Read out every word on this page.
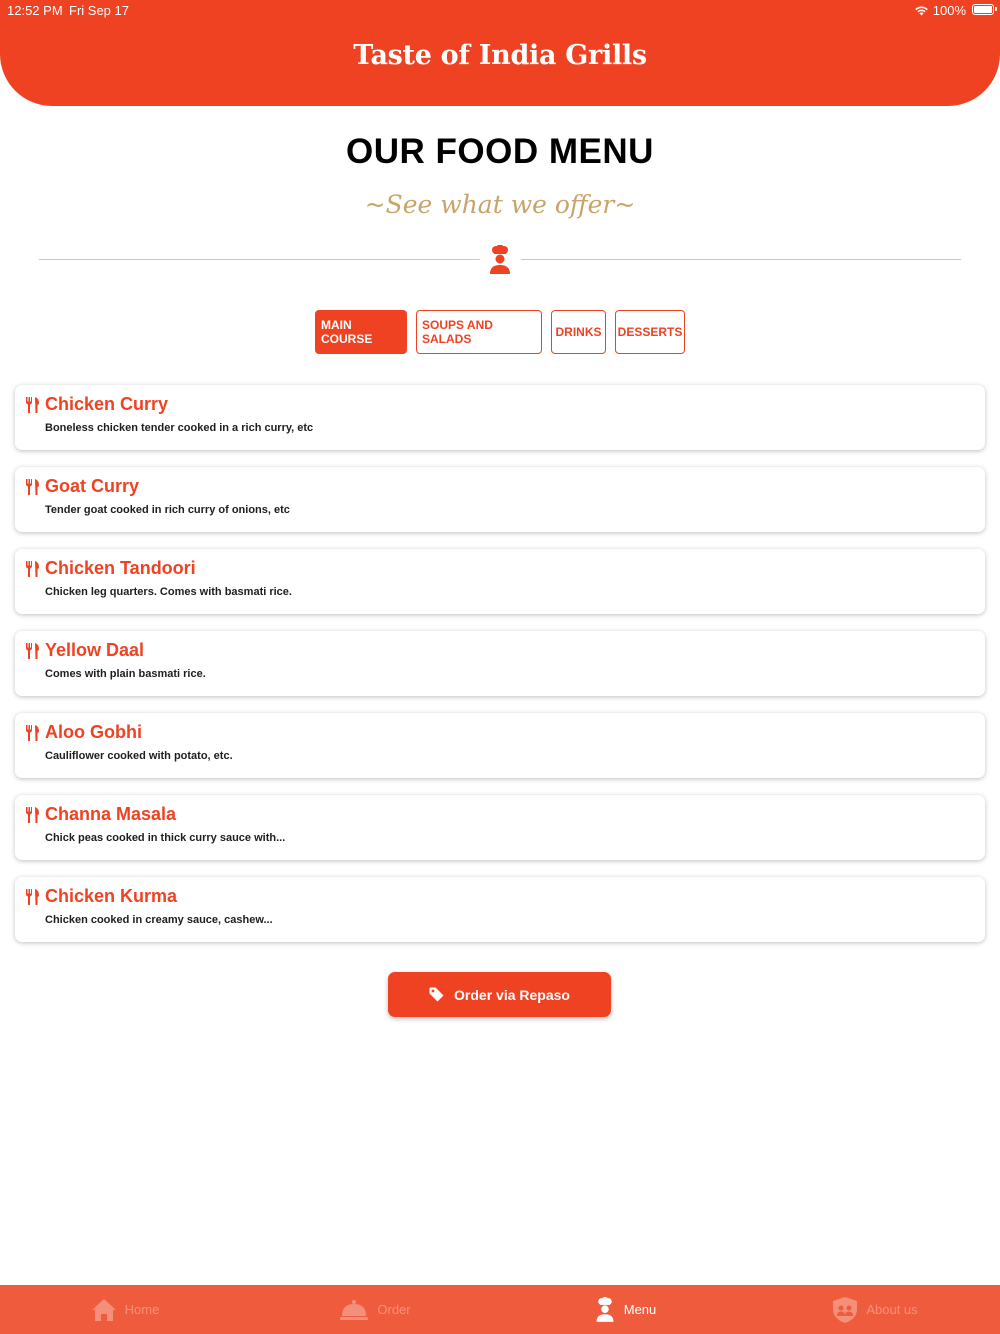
12:52 PM Fri Sep 17	100%
Taste of India Grills
OUR FOOD MENU
~See what we offer~
MAIN COURSE
SOUPS AND SALADS	DRINKS	DESSERTS
Chicken Curry
Boneless chicken tender cooked in a rich curry, etc
Goat Curry
Tender goat cooked in rich curry of onions, etc
Chicken Tandoori
Chicken leg quarters. Comes with basmati rice.
Yellow Daal
Comes with plain basmati rice.
Aloo Gobhi
Cauliflower cooked with potato, etc.
Channa Masala
Chick peas cooked in thick curry sauce with...
Chicken Kurma
Chicken cooked in creamy sauce, cashew...
Order via Repaso
Home	Order	Menu	About us
